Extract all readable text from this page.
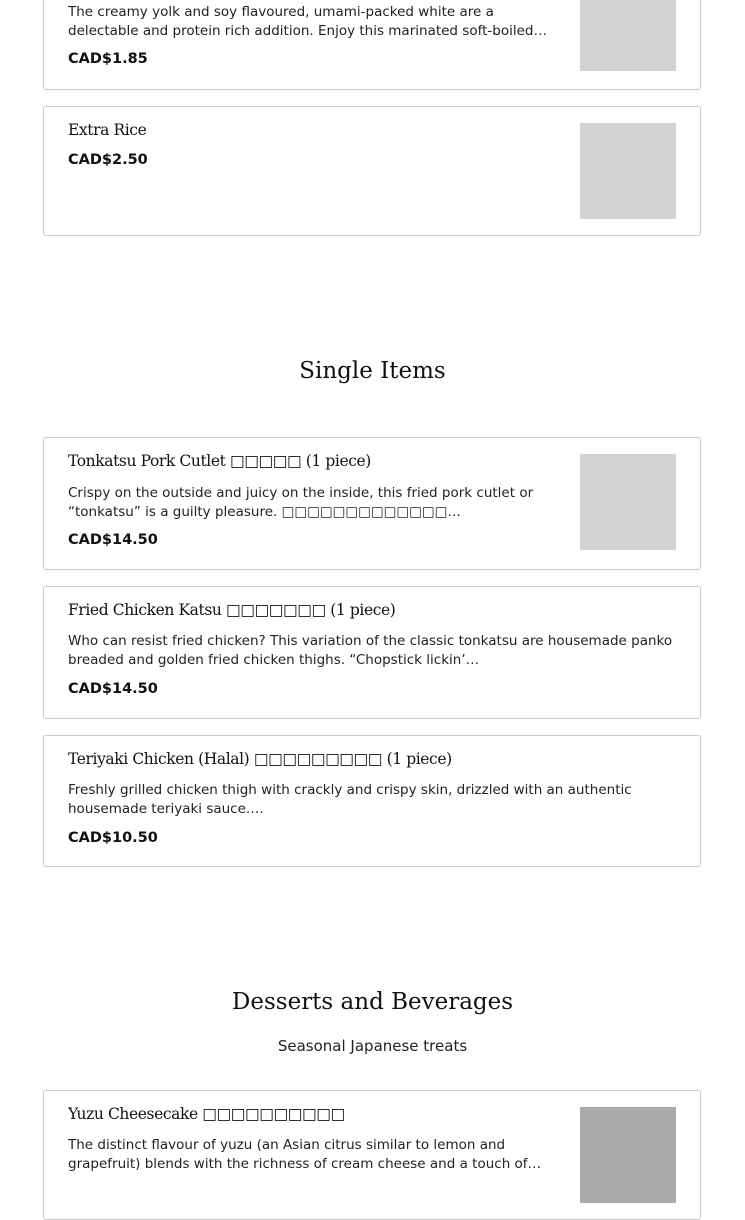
The creamy yolk and soy flavoured, umami-packed white are a delectable and protein rich addition. Enjoy this marinated soft-boiled…
CAD$1.85
Extra Rice
CAD$2.50
Single Items
Tonkatsu Pork Cutlet □□□□□ (1 piece)
Crispy on the outside and juicy on the inside, this fried pork cutlet or “tonkatsu” is a guilty pleasure. □□□□□□□□□□□□□
CAD$14.50
Fried Chicken Katsu □□□□□□□ (1 piece)
Who can resist fried chicken? This variation of the classic tonkatsu are housemade panko breaded and golden fried chicken thighs. “Chopstick lickin’
CAD$14.50
Teriyaki Chicken (Halal) □□□□□□□□□ (1 piece)
Freshly grilled chicken thigh with crackly and crispy skin, drizzled with an authentic housemade teriyaki sauce.
CAD$10.50
Desserts and Beverages
Seasonal Japanese treats
Yuzu Cheesecake □□□□□□□□□□
The distinct flavour of yuzu (an Asian citrus similar to lemon and grapefruit) blends with the richness of cream cheese and a touch of…
